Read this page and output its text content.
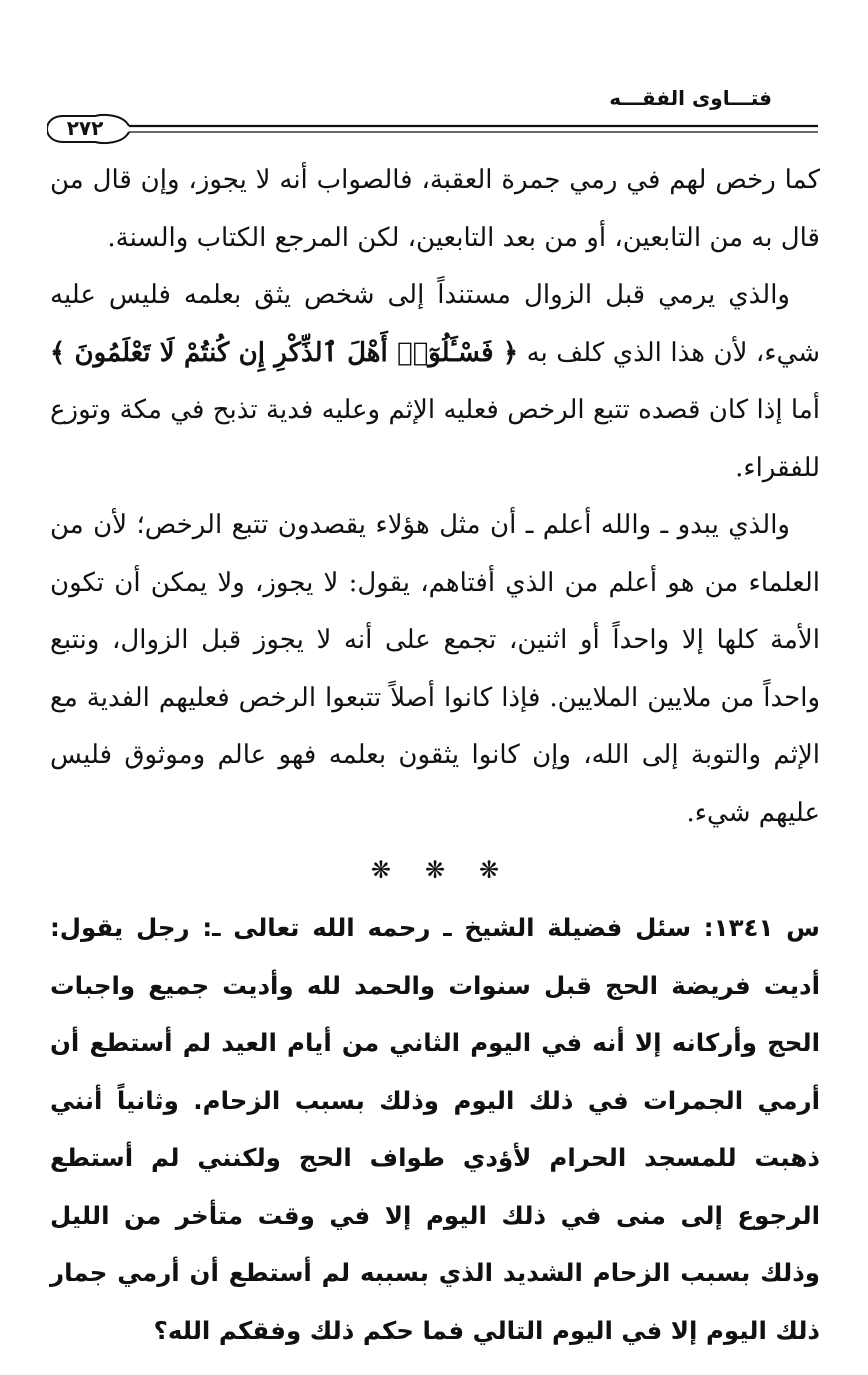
فتـــاوى الفقـــه
٢٧٢

كما رخص لهم في رمي جمرة العقبة، فالصواب أنه لا يجوز، وإن قال من قال به من التابعين، أو من بعد التابعين، لكن المرجع الكتاب والسنة.

والذي يرمي قبل الزوال مستنداً إلى شخص يثق بعلمه فليس عليه شيء، لأن هذا الذي كلف به ﴿ فَسْـَٔلُوٓا۟ أَهْلَ ٱلذِّكْرِ إِن كُنتُمْ لَا تَعْلَمُونَ ﴾ أما إذا كان قصده تتبع الرخص فعليه الإثم وعليه فدية تذبح في مكة وتوزع للفقراء.

والذي يبدو ـ والله أعلم ـ أن مثل هؤلاء يقصدون تتبع الرخص؛ لأن من العلماء من هو أعلم من الذي أفتاهم، يقول: لا يجوز، ولا يمكن أن تكون الأمة كلها إلا واحداً أو اثنين، تجمع على أنه لا يجوز قبل الزوال، ونتبع واحداً من ملايين الملايين. فإذا كانوا أصلاً تتبعوا الرخص فعليهم الفدية مع الإثم والتوبة إلى الله، وإن كانوا يثقون بعلمه فهو عالم وموثوق فليس عليهم شيء.

❋ ❋ ❋

س ١٣٤١: سئل فضيلة الشيخ ـ رحمه الله تعالى ـ: رجل يقول: أديت فريضة الحج قبل سنوات والحمد لله وأديت جميع واجبات الحج وأركانه إلا أنه في اليوم الثاني من أيام العيد لم أستطع أن أرمي الجمرات في ذلك اليوم وذلك بسبب الزحام. وثانياً أنني ذهبت للمسجد الحرام لأؤدي طواف الحج ولكنني لم أستطع الرجوع إلى منى في ذلك اليوم إلا في وقت متأخر من الليل وذلك بسبب الزحام الشديد الذي بسببه لم أستطع أن أرمي جمار ذلك اليوم إلا في اليوم التالي فما حكم ذلك وفقكم الله؟
